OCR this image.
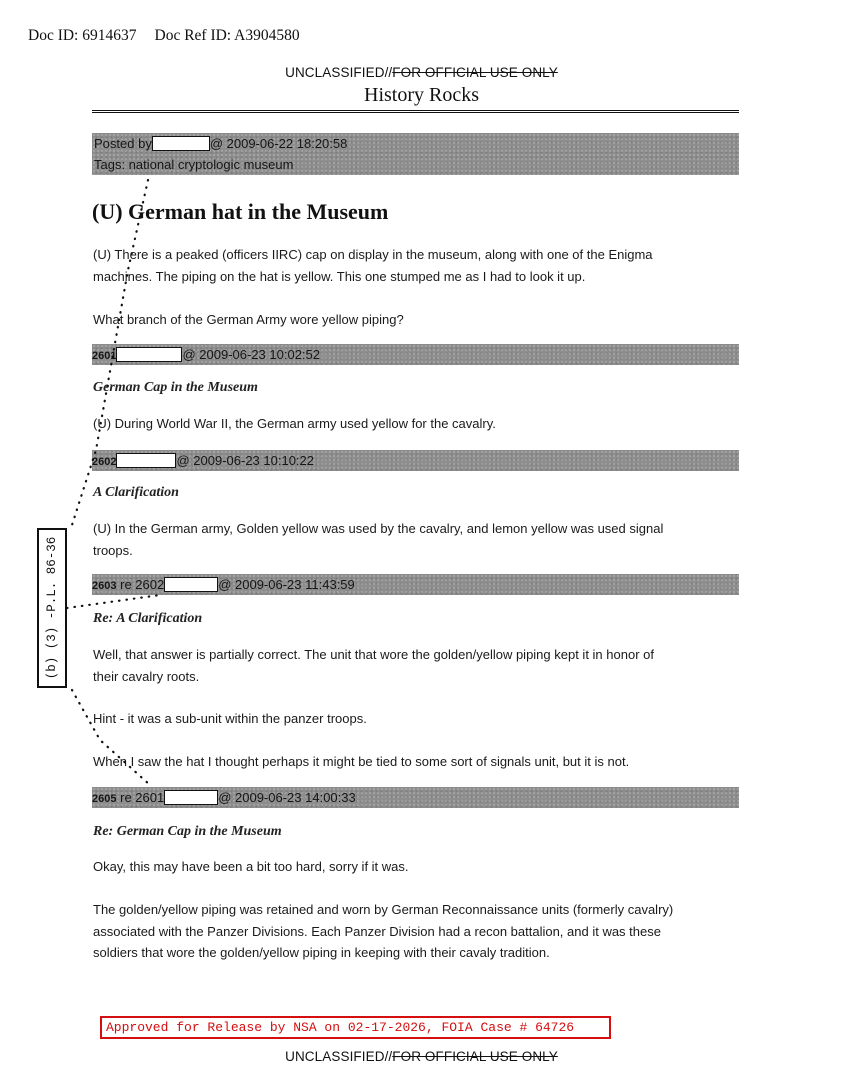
Doc ID: 6914637 Doc Ref ID: A3904580
UNCLASSIFIED//FOR OFFICIAL USE ONLY
History Rocks
Posted by	@ 2009-06-22 18:20:58
Tags: national cryptologic museum
(U) German hat in the Museum
(U) There is a peaked (officers IIRC) cap on display in the museum, along with one of the Enigma
machines. The piping on the hat is yellow. This one stumped me as I had to look it up.
What branch of the German Army wore yellow piping?
2601	@ 2009-06-23 10:02:52
German Cap in the Museum
(U) During World War II, the German army used yellow for the cavalry.
2602	@ 2009-06-23 10:10:22
A Clarification
(U) In the German army, Golden yellow was used by the cavalry, and lemon yellow was used signal
troops.
2603 re 2602	@ 2009-06-23 11:43:59
Re: A Clarification
Well, that answer is partially correct. The unit that wore the golden/yellow piping kept it in honor of
their cavalry roots.
Hint - it was a sub-unit within the panzer troops.
When I saw the hat I thought perhaps it might be tied to some sort of signals unit, but it is not.
2605 re 2601	@ 2009-06-23 14:00:33
Re: German Cap in the Museum
Okay, this may have been a bit too hard, sorry if it was.
The golden/yellow piping was retained and worn by German Reconnaissance units (formerly cavalry)
associated with the Panzer Divisions. Each Panzer Division had a recon battalion, and it was these
soldiers that wore the golden/yellow piping in keeping with their cavaly tradition.
(b) (3) -P.L. 86-36
Approved for Release by NSA on 02-17-2026, FOIA Case # 64726
UNCLASSIFIED//FOR OFFICIAL USE ONLY
